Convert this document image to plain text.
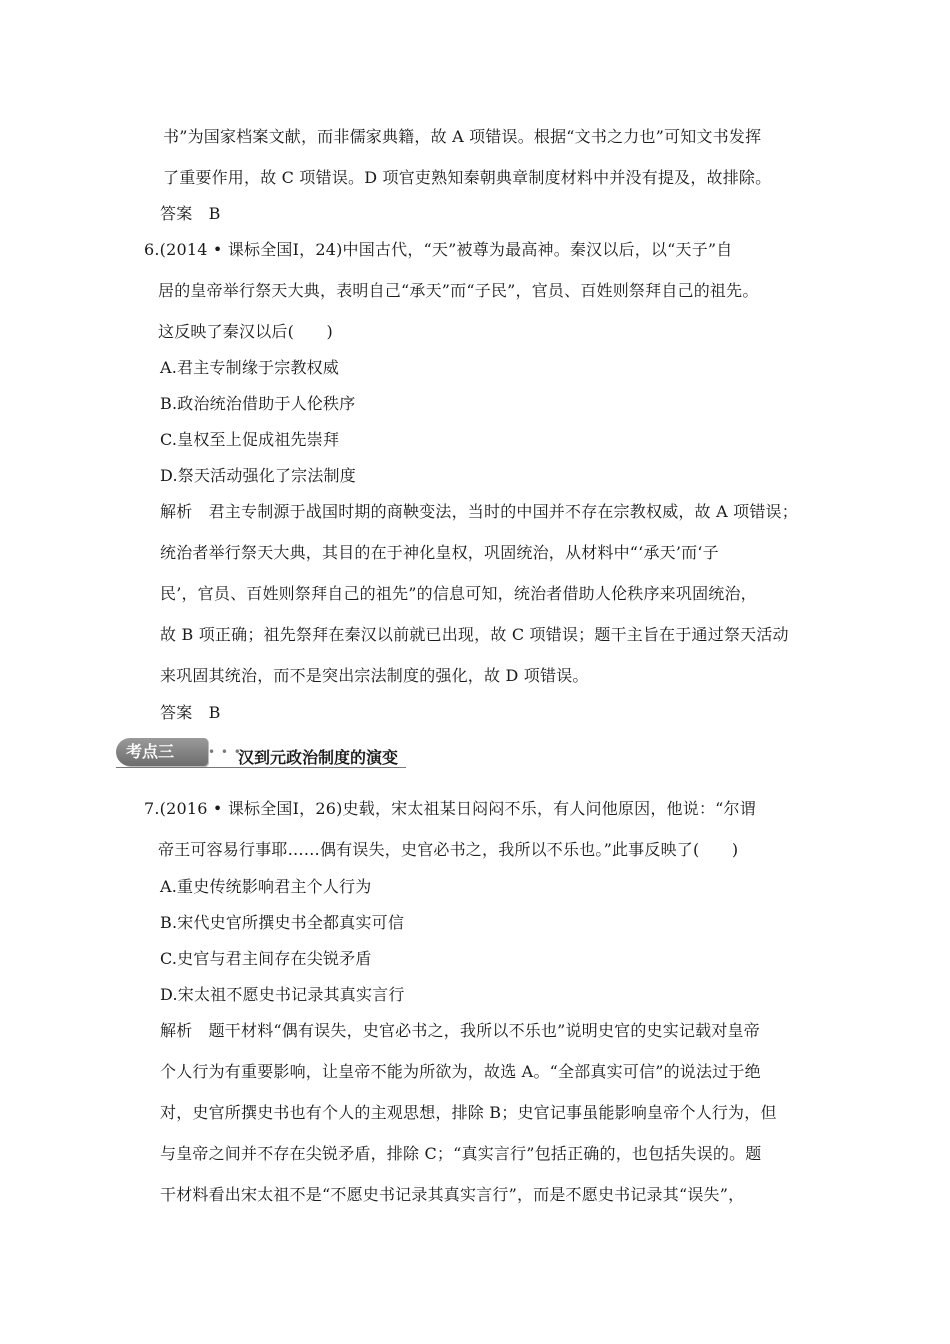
书”为国家档案文献，而非儒家典籍，故 A 项错误。根据“文书之力也”可知文书发挥
了重要作用，故 C 项错误。D 项官吏熟知秦朝典章制度材料中并没有提及，故排除。
答案　B
6.(2014 • 课标全国Ⅰ，24)中国古代，“天”被尊为最高神。秦汉以后，以“天子”自
居的皇帝举行祭天大典，表明自己“承天”而“子民”，官员、百姓则祭拜自己的祖先。
这反映了秦汉以后(　　)
A.君主专制缘于宗教权威
B.政治统治借助于人伦秩序
C.皇权至上促成祖先崇拜
D.祭天活动强化了宗法制度
解析　君主专制源于战国时期的商鞅变法，当时的中国并不存在宗教权威，故 A 项错误；
统治者举行祭天大典，其目的在于神化皇权，巩固统治，从材料中“‘承天’而‘子
民’，官员、百姓则祭拜自己的祖先”的信息可知，统治者借助人伦秩序来巩固统治，
故 B 项正确；祖先祭拜在秦汉以前就已出现，故 C 项错误；题干主旨在于通过祭天活动
来巩固其统治，而不是突出宗法制度的强化，故 D 项错误。
答案　B
考点三	• • •
汉到元政治制度的演变
7.(2016 • 课标全国Ⅰ，26)史载，宋太祖某日闷闷不乐，有人问他原因，他说：“尔谓
帝王可容易行事耶……偶有误失，史官必书之，我所以不乐也。”此事反映了(　　)
A.重史传统影响君主个人行为
B.宋代史官所撰史书全都真实可信
C.史官与君主间存在尖锐矛盾
D.宋太祖不愿史书记录其真实言行
解析　题干材料“偶有误失，史官必书之，我所以不乐也”说明史官的史实记载对皇帝
个人行为有重要影响，让皇帝不能为所欲为，故选 A。“全部真实可信”的说法过于绝
对，史官所撰史书也有个人的主观思想，排除 B；史官记事虽能影响皇帝个人行为，但
与皇帝之间并不存在尖锐矛盾，排除 C；“真实言行”包括正确的，也包括失误的。题
干材料看出宋太祖不是“不愿史书记录其真实言行”，而是不愿史书记录其“误失”，
